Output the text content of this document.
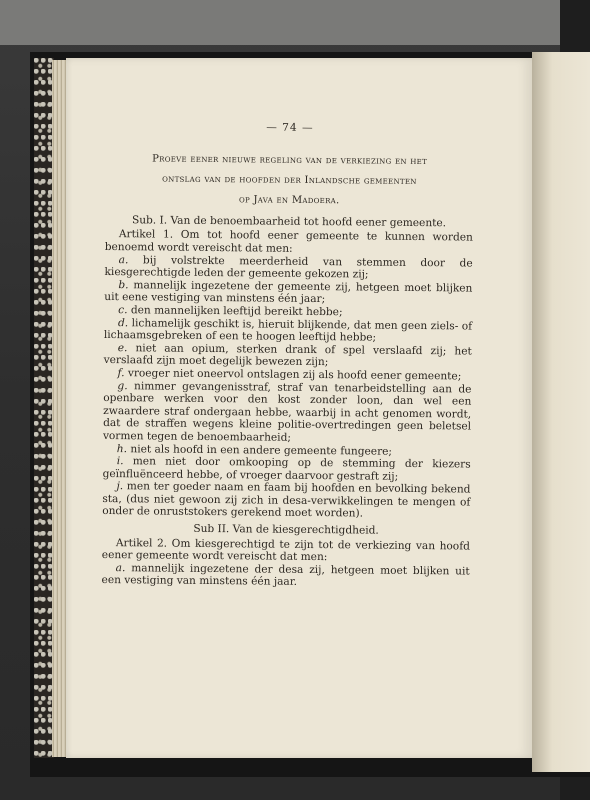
— 74 —

Proeve eener nieuwe regeling van de verkiezing en het
ontslag van de hoofden der Inlandsche gemeenten
op Java en Madoera.

Sub. I. Van de benoembaarheid tot hoofd eener gemeente.

Artikel 1. Om tot hoofd eener gemeente te kunnen worden benoemd wordt vereischt dat men:

a. bij volstrekte meerderheid van stemmen door de kiesgerechtigde leden der gemeente gekozen zij;

b. mannelijk ingezetene der gemeente zij, hetgeen moet blijken uit eene vestiging van minstens één jaar;

c. den mannelijken leeftijd bereikt hebbe;

d. lichamelijk geschikt is, hieruit blijkende, dat men geen ziels- of lichaamsgebreken of een te hoogen leeftijd hebbe;

e. niet aan opium, sterken drank of spel verslaafd zij; het verslaafd zijn moet degelijk bewezen zijn;

f. vroeger niet oneervol ontslagen zij als hoofd eener gemeente;

g. nimmer gevangenisstraf, straf van tenarbeidstelling aan de openbare werken voor den kost zonder loon, dan wel een zwaardere straf ondergaan hebbe, waarbij in acht genomen wordt, dat de straffen wegens kleine politie-overtredingen geen beletsel vormen tegen de benoembaarheid;

h. niet als hoofd in een andere gemeente fungeere;

i. men niet door omkooping op de stemming der kiezers geïnfluënceerd hebbe, of vroeger daarvoor gestraft zij;

j. men ter goeder naam en faam bij hoofden en bevolking bekend sta, (dus niet gewoon zij zich in desa-verwikkelingen te mengen of onder de onruststokers gerekend moet worden).

Sub II. Van de kiesgerechtigdheid.

Artikel 2. Om kiesgerechtigd te zijn tot de verkiezing van hoofd eener gemeente wordt vereischt dat men:

a. mannelijk ingezetene der desa zij, hetgeen moet blijken uit een vestiging van minstens één jaar.
